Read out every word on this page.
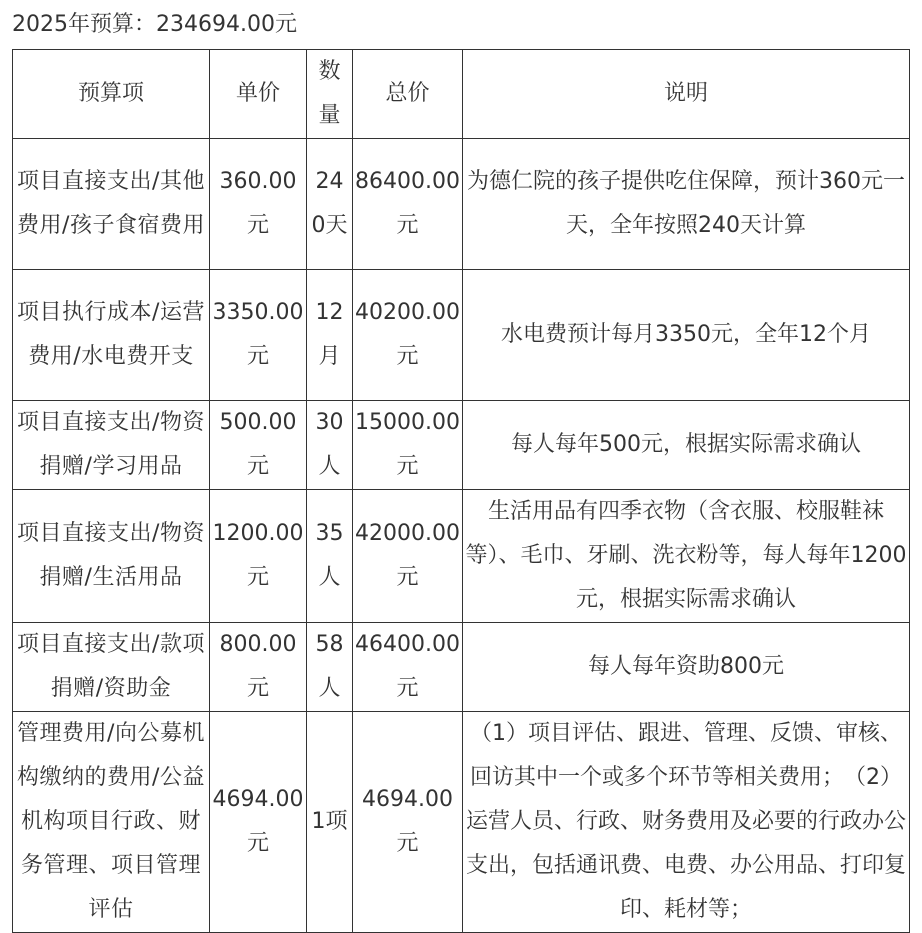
2025年预算：234694.00元
预算项	单价	数量	总价	说明
项目直接支出/其他费用/孩子食宿费用	360.00元	240天	86400.00元	为德仁院的孩子提供吃住保障，预计360元一天，全年按照240天计算
项目执行成本/运营费用/水电费开支	3350.00元	12月	40200.00元	水电费预计每月3350元，全年12个月
项目直接支出/物资捐赠/学习用品	500.00元	30人	15000.00元	每人每年500元，根据实际需求确认
项目直接支出/物资捐赠/生活用品	1200.00元	35人	42000.00元	生活用品有四季衣物（含衣服、校服鞋袜等）、毛巾、牙刷、洗衣粉等，每人每年1200元，根据实际需求确认
项目直接支出/款项捐赠/资助金	800.00元	58人	46400.00元	每人每年资助800元
管理费用/向公募机构缴纳的费用/公益机构项目行政、财务管理、项目管理评估	4694.00元	1项	4694.00元	（1）项目评估、跟进、管理、反馈、审核、回访其中一个或多个环节等相关费用；　（2）运营人员、行政、财务费用及必要的行政办公支出，包括通讯费、电费、办公用品、打印复印、耗材等；
